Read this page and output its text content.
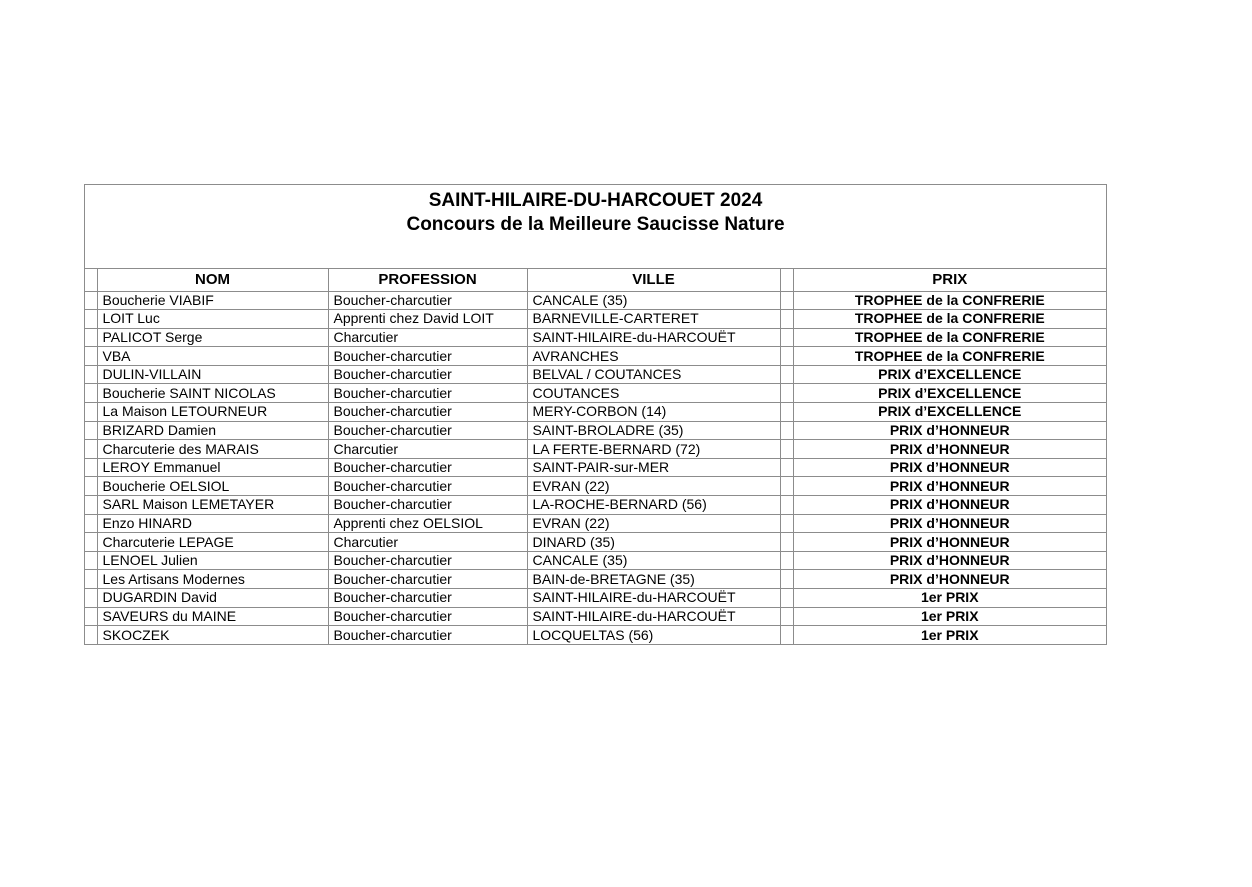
SAINT-HILAIRE-DU-HARCOUET 2024
Concours de la Meilleure Saucisse Nature
	NOM	PROFESSION	VILLE		PRIX
	Boucherie VIABIF	Boucher-charcutier	CANCALE (35)		TROPHEE de la CONFRERIE
	LOIT Luc	Apprenti chez David LOIT	BARNEVILLE-CARTERET		TROPHEE de la CONFRERIE
	PALICOT Serge	Charcutier	SAINT-HILAIRE-du-HARCOUËT		TROPHEE de la CONFRERIE
	VBA	Boucher-charcutier	AVRANCHES		TROPHEE de la CONFRERIE
	DULIN-VILLAIN	Boucher-charcutier	BELVAL / COUTANCES		PRIX d’EXCELLENCE
	Boucherie SAINT NICOLAS	Boucher-charcutier	COUTANCES		PRIX d’EXCELLENCE
	La Maison LETOURNEUR	Boucher-charcutier	MERY-CORBON (14)		PRIX d’EXCELLENCE
	BRIZARD Damien	Boucher-charcutier	SAINT-BROLADRE (35)		PRIX d’HONNEUR
	Charcuterie des MARAIS	Charcutier	LA FERTE-BERNARD (72)		PRIX d’HONNEUR
	LEROY Emmanuel	Boucher-charcutier	SAINT-PAIR-sur-MER		PRIX d’HONNEUR
	Boucherie OELSIOL	Boucher-charcutier	EVRAN (22)		PRIX d’HONNEUR
	SARL Maison LEMETAYER	Boucher-charcutier	LA-ROCHE-BERNARD (56)		PRIX d’HONNEUR
	Enzo HINARD	Apprenti chez OELSIOL	EVRAN (22)		PRIX d’HONNEUR
	Charcuterie LEPAGE	Charcutier	DINARD (35)		PRIX d’HONNEUR
	LENOEL Julien	Boucher-charcutier	CANCALE (35)		PRIX d’HONNEUR
	Les Artisans Modernes	Boucher-charcutier	BAIN-de-BRETAGNE (35)		PRIX d’HONNEUR
	DUGARDIN David	Boucher-charcutier	SAINT-HILAIRE-du-HARCOUËT		1er PRIX
	SAVEURS du MAINE	Boucher-charcutier	SAINT-HILAIRE-du-HARCOUËT		1er PRIX
	SKOCZEK	Boucher-charcutier	LOCQUELTAS (56)		1er PRIX
